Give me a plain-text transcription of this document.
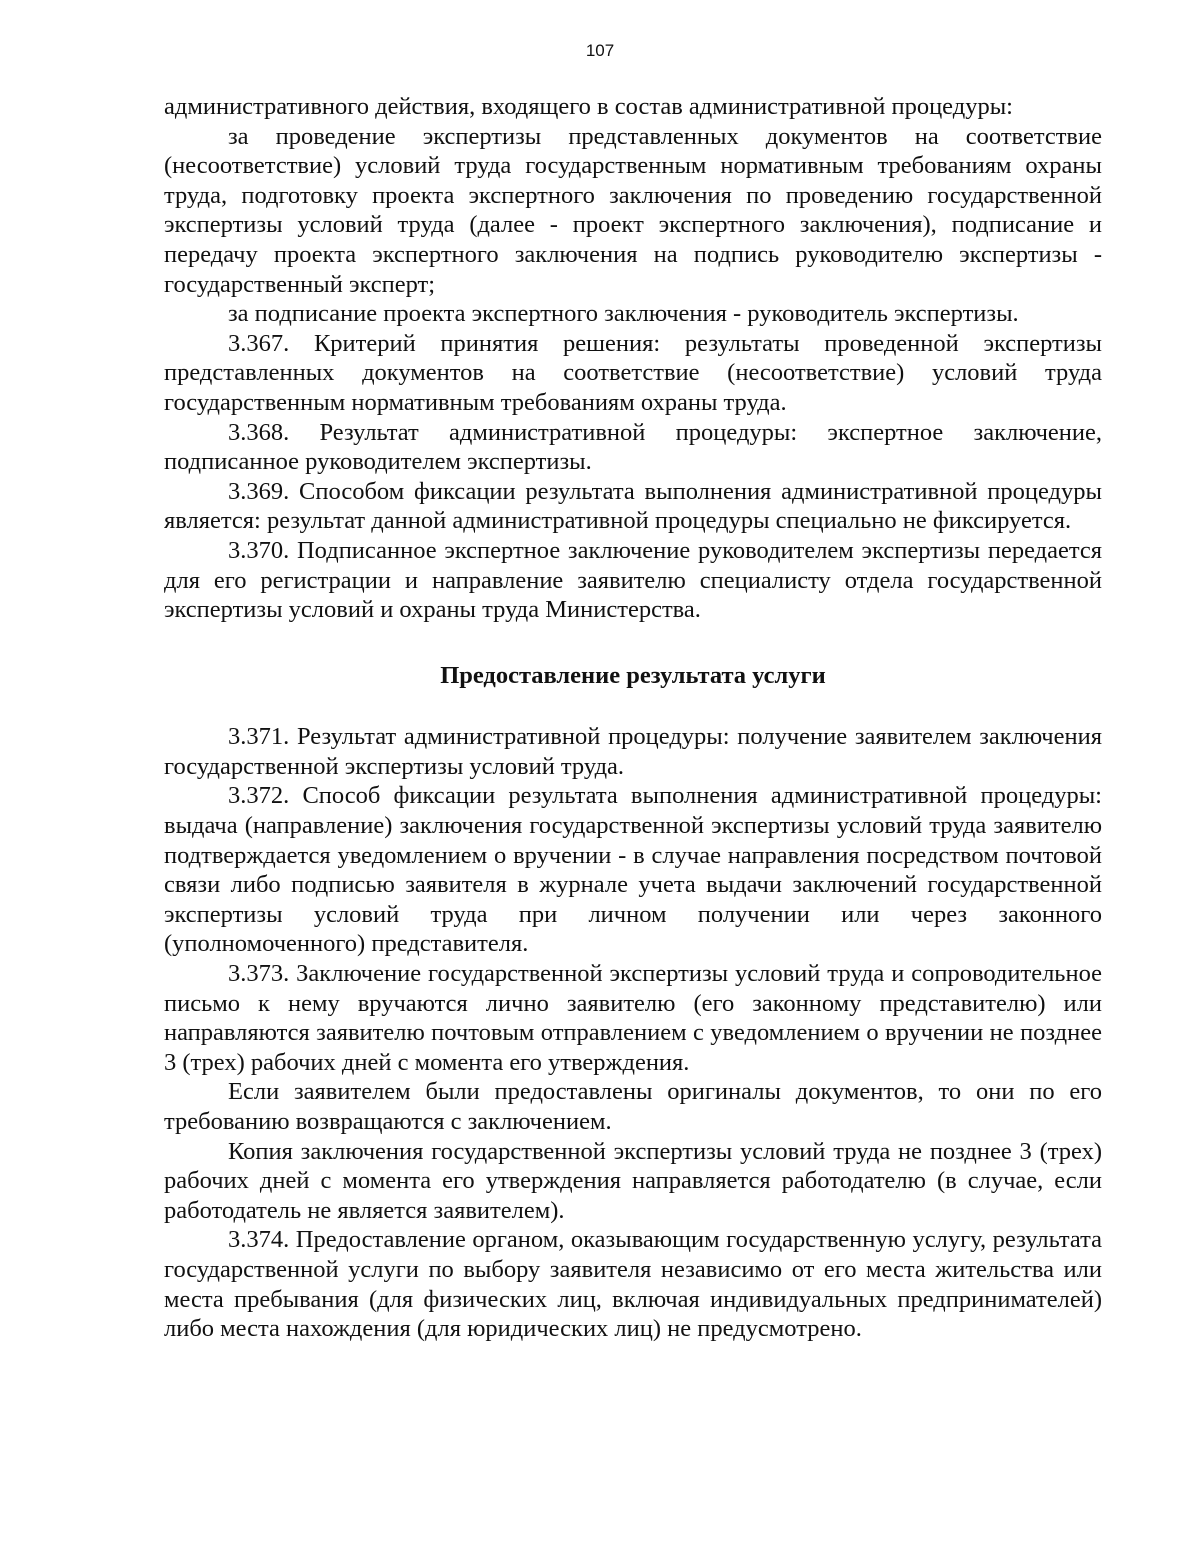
107

административного действия, входящего в состав административной процедуры:

за проведение экспертизы представленных документов на соответствие (несоответствие) условий труда государственным нормативным требованиям охраны труда, подготовку проекта экспертного заключения по проведению государственной экспертизы условий труда (далее - проект экспертного заключения), подписание и передачу проекта экспертного заключения на подпись руководителю экспертизы - государственный эксперт;

за подписание проекта экспертного заключения - руководитель экспертизы.

3.367. Критерий принятия решения: результаты проведенной экспертизы представленных документов на соответствие (несоответствие) условий труда государственным нормативным требованиям охраны труда.

3.368. Результат административной процедуры: экспертное заключение, подписанное руководителем экспертизы.

3.369. Способом фиксации результата выполнения административной процедуры является: результат данной административной процедуры специально не фиксируется.

3.370. Подписанное экспертное заключение руководителем экспертизы передается для его регистрации и направление заявителю специалисту отдела государственной экспертизы условий и охраны труда Министерства.

Предоставление результата услуги

3.371. Результат административной процедуры: получение заявителем заключения государственной экспертизы условий труда.

3.372. Способ фиксации результата выполнения административной процедуры: выдача (направление) заключения государственной экспертизы условий труда заявителю подтверждается уведомлением о вручении - в случае направления посредством почтовой связи либо подписью заявителя в журнале учета выдачи заключений государственной экспертизы условий труда при личном получении или через законного (уполномоченного) представителя.

3.373. Заключение государственной экспертизы условий труда и сопроводительное письмо к нему вручаются лично заявителю (его законному представителю) или направляются заявителю почтовым отправлением с уведомлением о вручении не позднее 3 (трех) рабочих дней с момента его утверждения.

Если заявителем были предоставлены оригиналы документов, то они по его требованию возвращаются с заключением.

Копия заключения государственной экспертизы условий труда не позднее 3 (трех) рабочих дней с момента его утверждения направляется работодателю (в случае, если работодатель не является заявителем).

3.374. Предоставление органом, оказывающим государственную услугу, результата государственной услуги по выбору заявителя независимо от его места жительства или места пребывания (для физических лиц, включая индивидуальных предпринимателей) либо места нахождения (для юридических лиц) не предусмотрено.
